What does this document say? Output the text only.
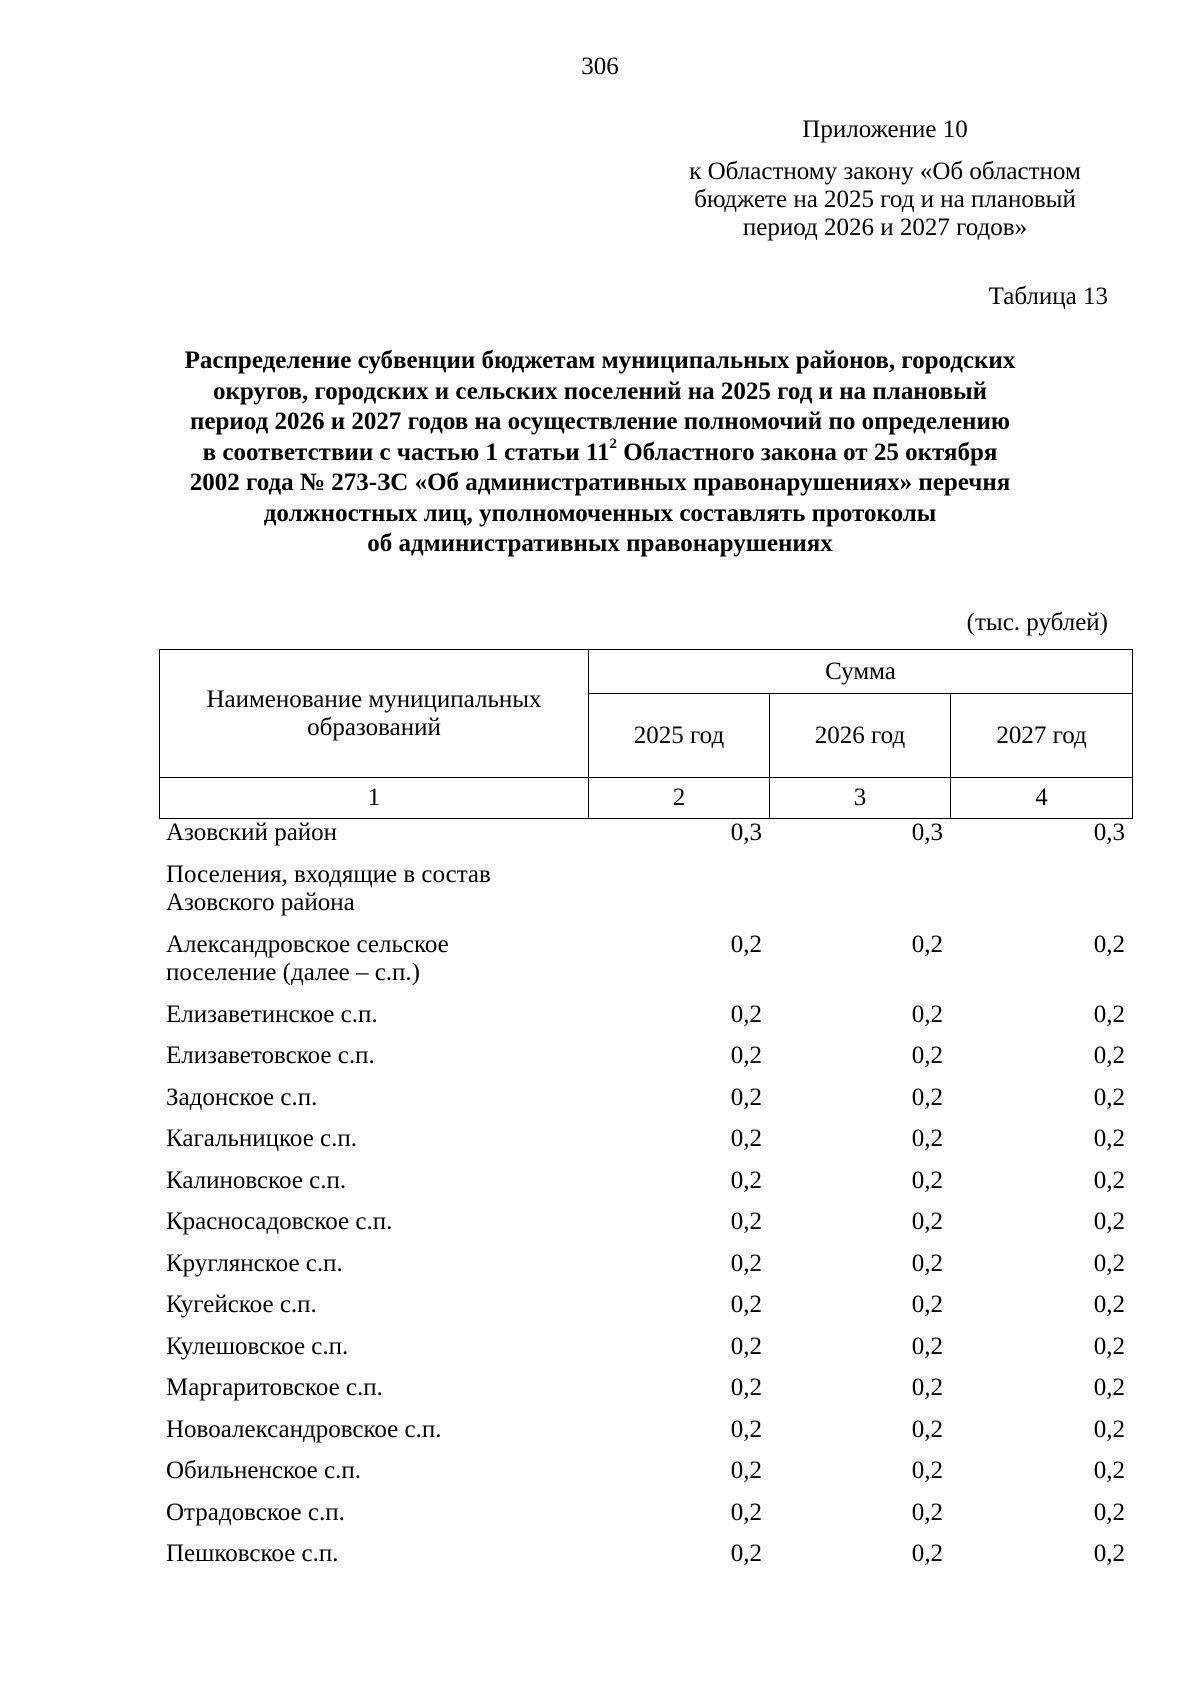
306
Приложение 10
к Областному закону «Об областном
бюджете на 2025 год и на плановый
период 2026 и 2027 годов»
Таблица 13
Распределение субвенции бюджетам муниципальных районов, городских
округов, городских и сельских поселений на 2025 год и на плановый
период 2026 и 2027 годов на осуществление полномочий по определению
в соответствии с частью 1 статьи $11^2$ Областного закона от 25 октября
2002 года № 273-ЗС «Об административных правонарушениях» перечня
должностных лиц, уполномоченных составлять протоколы
об административных правонарушениях
(тыс. рублей)
Наименование муниципальных
образований	Сумма		
	2025 год	2026 год	2027 год
1	2	3	4
Азовский район	0,3	0,3	0,3

Поселения, входящие в состав
Азовского района			

Александровское сельское
поселение (далее – с.п.)	0,2	0,2	0,2
Елизаветинское с.п.	0,2	0,2	0,2
Елизаветовское с.п.	0,2	0,2	0,2
Задонское с.п.	0,2	0,2	0,2
Кагальницкое с.п.	0,2	0,2	0,2
Калиновское с.п.	0,2	0,2	0,2
Красносадовское с.п.	0,2	0,2	0,2
Круглянское с.п.	0,2	0,2	0,2
Кугейское с.п.	0,2	0,2	0,2
Кулешовское с.п.	0,2	0,2	0,2
Маргаритовское с.п.	0,2	0,2	0,2
Новоалександровское с.п.	0,2	0,2	0,2
Обильненское с.п.	0,2	0,2	0,2
Отрадовское с.п.	0,2	0,2	0,2
Пешковское с.п.	0,2	0,2	0,2
